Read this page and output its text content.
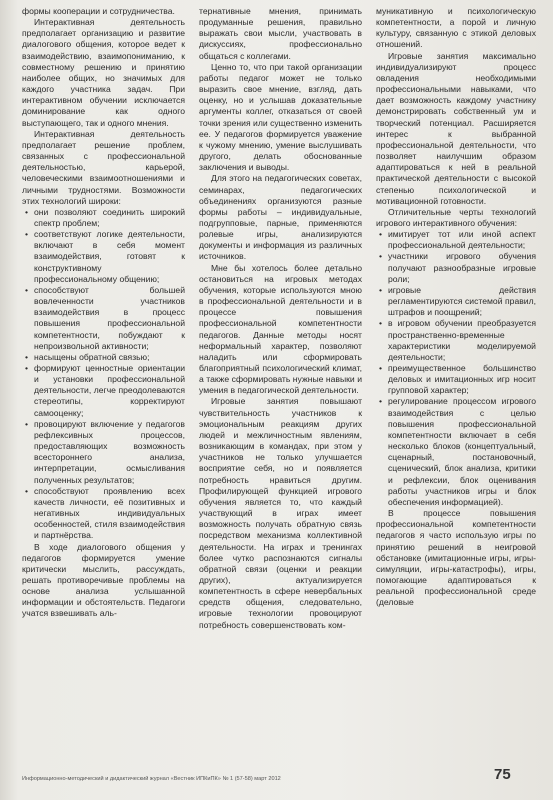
формы кооперации и сотрудничества.

Интерактивная деятельность предполагает организацию и развитие диалогового общения, которое ведет к взаимодействию, взаимопониманию, к совместному решению и принятию наиболее общих, но значимых для каждого участника задач. При интерактивном обучении исключается доминирование как одного выступающего, так и одного мнения.

Интерактивная деятельность предполагает решение проблем, связанных с профессиональной деятельностью, карьерой, человеческими взаимоотношениями и личными трудностями. Возможности этих технологий широки:

• они позволяют соединить широкий спектр проблем;
• соответствуют логике деятельности, включают в себя момент взаимодействия, готовят к конструктивному профессиональному общению;
• способствуют большей вовлеченности участников взаимодействия в процесс повышения профессиональной компетентности, побуждают к непроизвольной активности;
• насыщены обратной связью;
• формируют ценностные ориентации и установки профессиональной деятельности, легче преодолеваются стереотипы, корректируют самооценку;
• провоцируют включение у педагогов рефлексивных процессов, предоставляющих возможность всестороннего анализа, интерпретации, осмысливания полученных результатов;
• способствуют проявлению всех качеств личности, её позитивных и негативных индивидуальных особенностей, стиля взаимодействия и партнёрства.

В ходе диалогового общения у педагогов формируется умение критически мыслить, рассуждать, решать противоречивые проблемы на основе анализа услышанной информации и обстоятельств. Педагоги учатся взвешивать аль-

тернативные мнения, принимать продуманные решения, правильно выражать свои мысли, участвовать в дискуссиях, профессионально общаться с коллегами.

Ценно то, что при такой организации работы педагог может не только выразить свое мнение, взгляд, дать оценку, но и услышав доказательные аргументы коллег, отказаться от своей точки зрения или существенно изменить ее. У педагогов формируется уважение к чужому мнению, умение выслушивать другого, делать обоснованные заключения и выводы.

Для этого на педагогических советах, семинарах, педагогических объединениях организуются разные формы работы – индивидуальные, подгрупповые, парные, применяются ролевые игры, анализируются документы и информация из различных источников.

Мне бы хотелось более детально остановиться на игровых методах обучения, которые используются мною в профессиональной деятельности и в процессе повышения профессиональной компетентности педагогов. Данные методы носят неформальный характер, позволяют наладить или сформировать благоприятный психологический климат, а также сформировать нужные навыки и умения в педагогической деятельности.

Игровые занятия повышают чувствительность участников к эмоциональным реакциям других людей и межличностным явлениям, возникающим в командах, при этом у участников не только улучшается восприятие себя, но и появляется потребность нравиться другим. Профилирующей функцией игрового обучения является то, что каждый участвующий в играх имеет возможность получать обратную связь посредством механизма коллективной деятельности. На играх и тренингах более чутко распознаются сигналы обратной связи (оценки и реакции других), актуализируется компетентность в сфере невербальных средств общения, следовательно, игровые технологии провоцируют потребность совершенствовать ком-

муникативную и психологическую компетентности, а порой и личную культуру, связанную с этикой деловых отношений.

Игровые занятия максимально индивидуализируют процесс овладения необходимыми профессиональными навыками, что дает возможность каждому участнику демонстрировать собственный ум и творческий потенциал. Расширяется интерес к выбранной профессиональной деятельности, что позволяет наилучшим образом адаптироваться к ней в реальной практической деятельности с высокой степенью психологической и мотивационной готовности.

Отличительные черты технологий игрового интерактивного обучения:

• имитирует тот или иной аспект профессиональной деятельности;
• участники игрового обучения получают разнообразные игровые роли;
• игровые действия регламентируются системой правил, штрафов и поощрений;
• в игровом обучении преобразуется пространственно-временные характеристики моделируемой деятельности;
• преимущественное большинство деловых и имитационных игр носит групповой характер;
• регулирование процессом игрового взаимодействия с целью повышения профессиональной компетентности включает в себя несколько блоков (концептуальный, сценарный, постановочный, сценический, блок анализа, критики и рефлексии, блок оценивания работы участников игры и блок обеспечения информацией).

В процессе повышения профессиональной компетентности педагогов я часто использую игры по принятию решений в неигровой обстановке (имитационные игры, игры-симуляции, игры-катастрофы), игры, помогающие адаптироваться к реальной профессиональной среде (деловые

Информационно-методический и дидактический журнал «Вестник ИПКиПК» № 1 (57-58) март 2012	75
